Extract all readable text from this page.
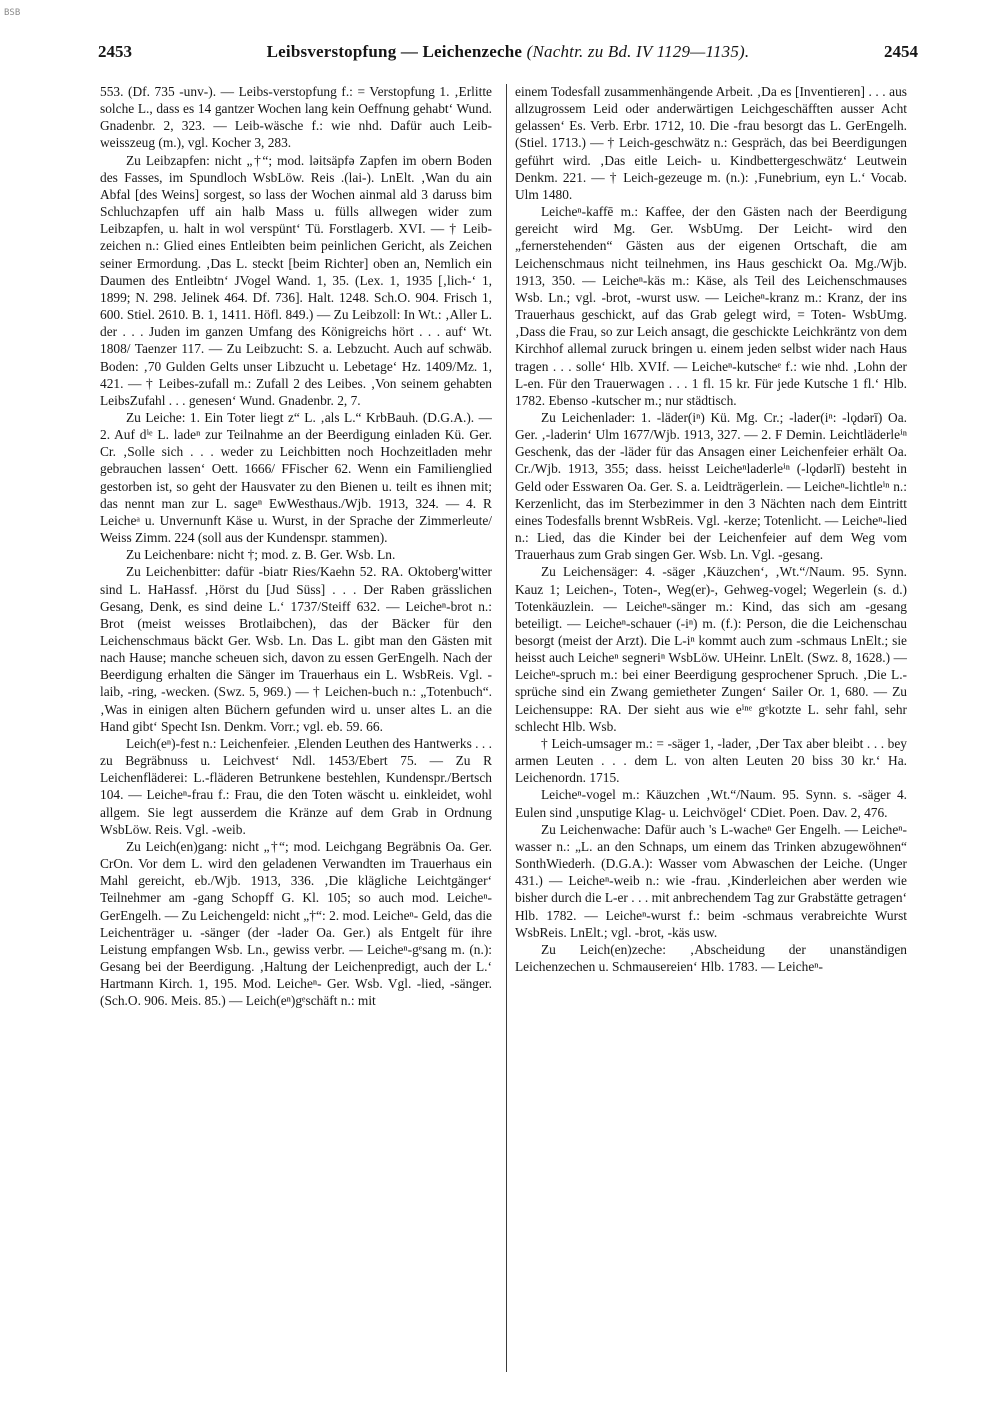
BSB
2453	Leibsverstopfung — Leichenzeche (Nachtr. zu Bd. IV 1129—1135).	2454

553. (Df. 735 -unv-). — Leibs-verstopfung f.: = Verstopfung 1. ‚Erlitte solche L., dass es 14 gantzer Wochen lang kein Oeffnung gehabt‘ Wund. Gnadenbr. 2, 323. — Leib-wäsche f.: wie nhd. Dafür auch Leib-weisszeug (m.), vgl. Kocher 3, 283.

Zu Leibzapfen: nicht „†“; mod. ləitsäpfə Zapfen im obern Boden des Fasses, im Spundloch WsbLöw. Reis .(lai-). LnElt. ‚Wan du ain Abfal [des Weins] sorgest, so lass der Wochen ainmal ald 3 daruss bim Schluchzapfen uff ain halb Mass u. fülls allwegen wider zum Leibzapfen, u. halt in wol verspünt‘ Tü. Forstlagerb. XVI. — † Leib-zeichen n.: Glied eines Entleibten beim peinlichen Gericht, als Zeichen seiner Ermordung. ‚Das L. steckt [beim Richter] oben an, Nemlich ein Daumen des Entleibtn‘ JVogel Wand. 1, 35. (Lex. 1, 1935 [‚lich-‘ 1, 1899; N. 298. Jelinek 464. Df. 736]. Halt. 1248. Sch.O. 904. Frisch 1, 600. Stiel. 2610. B. 1, 1411. Höfl. 849.) — Zu Leibzoll: In Wt.: ‚Aller L. der . . . Juden im ganzen Umfang des Königreichs hört . . . auf‘ Wt. 1808/ Taenzer 117. — Zu Leibzucht: S. a. Lebzucht. Auch auf schwäb. Boden: ‚70 Gulden Gelts unser Libzucht u. Lebetage‘ Hz. 1409/Mz. 1, 421. — † Leibes-zufall m.: Zufall 2 des Leibes. ‚Von seinem gehabten LeibsZufahl . . . genesen‘ Wund. Gnadenbr. 2, 7.

Zu Leiche: 1. Ein Toter liegt z“ L. ‚als L.“ KrbBauh. (D.G.A.). — 2. Auf dⁱᵉ L. ladeⁿ zur Teilnahme an der Beerdigung einladen Kü. Ger. Cr. ‚Solle sich . . . weder zu Leichbitten noch Hochzeitladen mehr gebrauchen lassen‘ Oett. 1666/ FFischer 62. Wenn ein Familienglied gestorben ist, so geht der Hausvater zu den Bienen u. teilt es ihnen mit; das nennt man zur L. sageⁿ EwWesthaus./Wjb. 1913, 324. — 4. R Leicheᵃ u. Unvernunft Käse u. Wurst, in der Sprache der Zimmerleute/ Weiss Zimm. 224 (soll aus der Kundenspr. stammen).

Zu Leichenbare: nicht †; mod. z. B. Ger. Wsb. Ln.

Zu Leichenbitter: dafür -biatr Ries/Kaehn 52. RA. Oktoberg'witter sind L. HaHassf. ‚Hörst du [Jud Süss] . . . Der Raben grässlichen Gesang, Denk, es sind deine L.‘ 1737/Steiff 632. — Leicheⁿ-brot n.: Brot (meist weisses Brotlaibchen), das der Bäcker für den Leichenschmaus bäckt Ger. Wsb. Ln. Das L. gibt man den Gästen mit nach Hause; manche scheuen sich, davon zu essen GerEngelh. Nach der Beerdigung erhalten die Sänger im Trauerhaus ein L. WsbReis. Vgl. -laib, -ring, -wecken. (Swz. 5, 969.) — † Leichen-buch n.: „Totenbuch“. ‚Was in einigen alten Büchern gefunden wird u. unser altes L. an die Hand gibt‘ Specht Isn. Denkm. Vorr.; vgl. eb. 59. 66.

Leich(eⁿ)-fest n.: Leichenfeier. ‚Elenden Leuthen des Hantwerks . . . zu Begräbnuss u. Leichvest‘ Ndl. 1453/Ebert 75. — Zu R Leichenfläderei: L.-fläderen Betrunkene bestehlen, Kundenspr./Bertsch 104. — Leicheⁿ-frau f.: Frau, die den Toten wäscht u. einkleidet, wohl allgem. Sie legt ausserdem die Kränze auf dem Grab in Ordnung WsbLöw. Reis. Vgl. -weib.

Zu Leich(en)gang: nicht „†“; mod. Leichgang Begräbnis Oa. Ger. CrOn. Vor dem L. wird den geladenen Verwandten im Trauerhaus ein Mahl gereicht, eb./Wjb. 1913, 336. ‚Die klägliche Leichtgänger‘ Teilnehmer am -gang Schopff G. Kl. 105; so auch mod. Leicheⁿ- GerEngelh. — Zu Leichengeld: nicht „†“: 2. mod. Leicheⁿ- Geld, das die Leichenträger u. -sänger (der -lader Oa. Ger.) als Entgelt für ihre Leistung empfangen Wsb. Ln., gewiss verbr. — Leicheⁿ-gᵉsang m. (n.): Gesang bei der Beerdigung. ‚Haltung der Leichenpredigt, auch der L.‘ Hartmann Kirch. 1, 195. Mod. Leicheⁿ- Ger. Wsb. Vgl. -lied, -sänger. (Sch.O. 906. Meis. 85.) — Leich(eⁿ)gᵉschäft n.: mit

einem Todesfall zusammenhängende Arbeit. ‚Da es [Inventieren] . . . aus allzugrossem Leid oder anderwärtigen Leichgeschäfften ausser Acht gelassen‘ Es. Verb. Erbr. 1712, 10. Die -frau besorgt das L. GerEngelh. (Stiel. 1713.) — † Leich-geschwätz n.: Gespräch, das bei Beerdigungen geführt wird. ‚Das eitle Leich- u. Kindbettergeschwätz‘ Leutwein Denkm. 221. — † Leich-gezeuge m. (n.): ‚Funebrium, eyn L.‘ Vocab. Ulm 1480.

Leicheⁿ-kaffē m.: Kaffee, der den Gästen nach der Beerdigung gereicht wird Mg. Ger. WsbUmg. Der Leicht- wird den „fernerstehenden“ Gästen aus der eigenen Ortschaft, die am Leichenschmaus nicht teilnehmen, ins Haus geschickt Oa. Mg./Wjb. 1913, 350. — Leicheⁿ-käs m.: Käse, als Teil des Leichenschmauses Wsb. Ln.; vgl. -brot, -wurst usw. — Leicheⁿ-kranz m.: Kranz, der ins Trauerhaus geschickt, auf das Grab gelegt wird, = Toten- WsbUmg. ‚Dass die Frau, so zur Leich ansagt, die geschickte Leichkräntz von dem Kirchhof allemal zuruck bringen u. einem jeden selbst wider nach Haus tragen . . . solle‘ Hlb. XVIf. — Leicheⁿ-kutscheᵉ f.: wie nhd. ‚Lohn der L-en. Für den Trauerwagen . . . 1 fl. 15 kr. Für jede Kutsche 1 fl.‘ Hlb. 1782. Ebenso -kutscher m.; nur städtisch.

Zu Leichenlader: 1. -läder(iⁿ) Kü. Mg. Cr.; -lader(iⁿ: -lǫdərī) Oa. Ger. ‚-laderin‘ Ulm 1677/Wjb. 1913, 327. — 2. F Demin. Leichtläderleⁱⁿ Geschenk, das der -läder für das Ansagen einer Leichenfeier erhält Oa. Cr./Wjb. 1913, 355; dass. heisst Leicheⁿladerleⁱⁿ (-lǫdərlī) besteht in Geld oder Esswaren Oa. Ger. S. a. Leidträgerlein. — Leicheⁿ-lichtleⁱⁿ n.: Kerzenlicht, das im Sterbezimmer in den 3 Nächten nach dem Eintritt eines Todesfalls brennt WsbReis. Vgl. -kerze; Totenlicht. — Leicheⁿ-lied n.: Lied, das die Kinder bei der Leichenfeier auf dem Weg vom Trauerhaus zum Grab singen Ger. Wsb. Ln. Vgl. -gesang.

Zu Leichensäger: 4. -säger ‚Käuzchen‘, ‚Wt.“/Naum. 95. Synn. Kauz 1; Leichen-, Toten-, Weg(er)-, Gehweg-vogel; Wegerlein (s. d.) Totenkäuzlein. — Leicheⁿ-sänger m.: Kind, das sich am -gesang beteiligt. — Leicheⁿ-schauer (-iⁿ) m. (f.): Person, die die Leichenschau besorgt (meist der Arzt). Die L-iⁿ kommt auch zum -schmaus LnElt.; sie heisst auch Leicheⁿ segneriⁿ WsbLöw. UHeinr. LnElt. (Swz. 8, 1628.) — Leicheⁿ-spruch m.: bei einer Beerdigung gesprochener Spruch. ‚Die L.-sprüche sind ein Zwang gemietheter Zungen‘ Sailer Or. 1, 680. — Zu Leichensuppe: RA. Der sieht aus wie eⁱⁿᵉ gᵉkotzte L. sehr fahl, sehr schlecht Hlb. Wsb.

† Leich-umsager m.: = -säger 1, -lader, ‚Der Tax aber bleibt . . . bey armen Leuten . . . dem L. von alten Leuten 20 biss 30 kr.‘ Ha. Leichenordn. 1715.

Leicheⁿ-vogel m.: Käuzchen ‚Wt.“/Naum. 95. Synn. s. -säger 4. Eulen sind ‚unsputige Klag- u. Leichvögel‘ CDiet. Poen. Dav. 2, 476.

Zu Leichenwache: Dafür auch 's L-wacheⁿ Ger Engelh. — Leicheⁿ-wasser n.: „L. an den Schnaps, um einem das Trinken abzugewöhnen“ SonthWiederh. (D.G.A.): Wasser vom Abwaschen der Leiche. (Unger 431.) — Leicheⁿ-weib n.: wie -frau. ‚Kinderleichen aber werden wie bisher durch die L-er . . . mit anbrechendem Tag zur Grabstätte getragen‘ Hlb. 1782. — Leicheⁿ-wurst f.: beim -schmaus verabreichte Wurst WsbReis. LnElt.; vgl. -brot, -käs usw.

Zu Leich(en)zeche: ‚Abscheidung der unanständigen Leichenzechen u. Schmausereien‘ Hlb. 1783. — Leicheⁿ-
